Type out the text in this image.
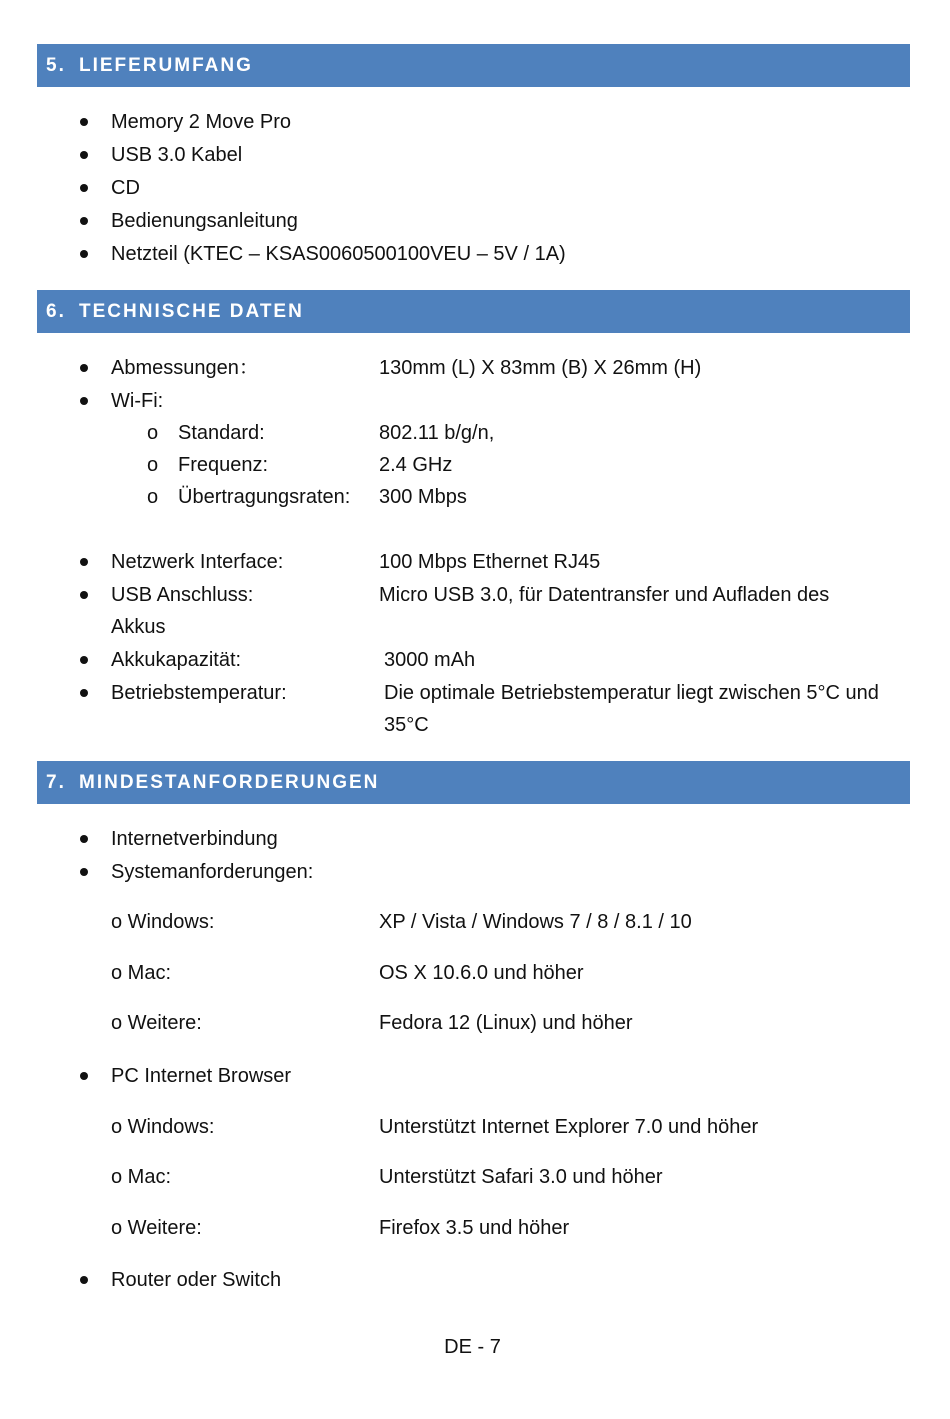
5. LIEFERUMFANG
Memory 2 Move Pro
USB 3.0 Kabel
CD
Bedienungsanleitung
Netzteil (KTEC – KSAS0060500100VEU – 5V / 1A)
6. TECHNISCHE DATEN
Abmessungen：	130mm (L) X 83mm (B) X 26mm (H)
Wi-Fi:
o Standard:	802.11 b/g/n,
o Frequenz:	2.4 GHz
o Übertragungsraten: 300 Mbps
Netzwerk Interface:	100 Mbps Ethernet RJ45
USB Anschluss:	Micro USB 3.0, für Datentransfer und Aufladen des
Akkus
Akkukapazität:	3000 mAh
Betriebstemperatur:	Die optimale Betriebstemperatur liegt zwischen 5°C und
35°C
7. MINDESTANFORDERUNGEN
Internetverbindung
Systemanforderungen:
o Windows:	XP / Vista / Windows 7 / 8 / 8.1 / 10
o Mac:	OS X 10.6.0 und höher
o Weitere:	Fedora 12 (Linux) und höher
PC Internet Browser
o Windows:	Unterstützt Internet Explorer 7.0 und höher
o Mac:	Unterstützt Safari 3.0 und höher
o Weitere:	Firefox 3.5 und höher
Router oder Switch
DE - 7
